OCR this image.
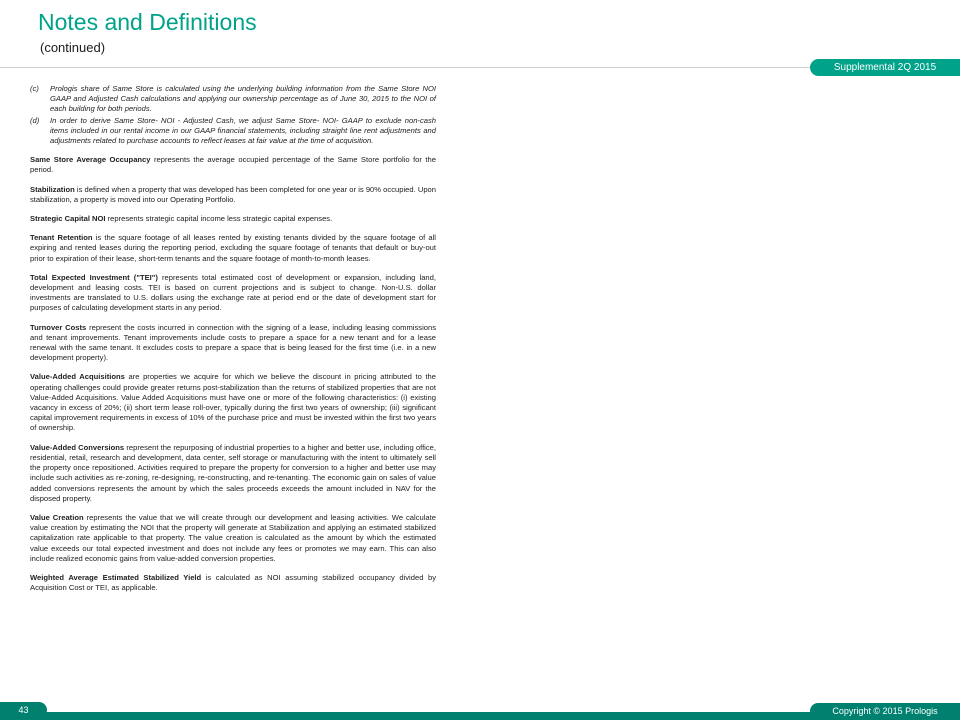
Notes and Definitions
(continued)
Supplemental 2Q 2015
(c)	Prologis share of Same Store is calculated using the underlying building information from the Same Store NOI GAAP and Adjusted Cash calculations and applying our ownership percentage as of June 30, 2015 to the NOI of each building for both periods.
(d)	In order to derive Same Store- NOI - Adjusted Cash, we adjust Same Store- NOI- GAAP to exclude non-cash items included in our rental income in our GAAP financial statements, including straight line rent adjustments and adjustments related to purchase accounts to reflect leases at fair value at the time of acquisition.

Same Store Average Occupancy represents the average occupied percentage of the Same Store portfolio for the period.

Stabilization is defined when a property that was developed has been completed for one year or is 90% occupied. Upon stabilization, a property is moved into our Operating Portfolio.

Strategic Capital NOI represents strategic capital income less strategic capital expenses.

Tenant Retention is the square footage of all leases rented by existing tenants divided by the square footage of all expiring and rented leases during the reporting period, excluding the square footage of tenants that default or buy-out prior to expiration of their lease, short-term tenants and the square footage of month-to-month leases.

Total Expected Investment ("TEI") represents total estimated cost of development or expansion, including land, development and leasing costs. TEI is based on current projections and is subject to change. Non-U.S. dollar investments are translated to U.S. dollars using the exchange rate at period end or the date of development start for purposes of calculating development starts in any period.

Turnover Costs represent the costs incurred in connection with the signing of a lease, including leasing commissions and tenant improvements. Tenant improvements include costs to prepare a space for a new tenant and for a lease renewal with the same tenant. It excludes costs to prepare a space that is being leased for the first time (i.e. in a new development property).

Value-Added Acquisitions are properties we acquire for which we believe the discount in pricing attributed to the operating challenges could provide greater returns post-stabilization than the returns of stabilized properties that are not Value-Added Acquisitions. Value Added Acquisitions must have one or more of the following characteristics: (i) existing vacancy in excess of 20%; (ii) short term lease roll-over, typically during the first two years of ownership; (iii) significant capital improvement requirements in excess of 10% of the purchase price and must be invested within the first two years of ownership.

Value-Added Conversions represent the repurposing of industrial properties to a higher and better use, including office, residential, retail, research and development, data center, self storage or manufacturing with the intent to ultimately sell the property once repositioned. Activities required to prepare the property for conversion to a higher and better use may include such activities as re-zoning, re-designing, re-constructing, and re-tenanting. The economic gain on sales of value added conversions represents the amount by which the sales proceeds exceeds the amount included in NAV for the disposed property.

Value Creation represents the value that we will create through our development and leasing activities. We calculate value creation by estimating the NOI that the property will generate at Stabilization and applying an estimated stabilized capitalization rate applicable to that property. The value creation is calculated as the amount by which the estimated value exceeds our total expected investment and does not include any fees or promotes we may earn. This can also include realized economic gains from value-added conversion properties.

Weighted Average Estimated Stabilized Yield is calculated as NOI assuming stabilized occupancy divided by Acquisition Cost or TEI, as applicable.

43	Copyright © 2015 Prologis
